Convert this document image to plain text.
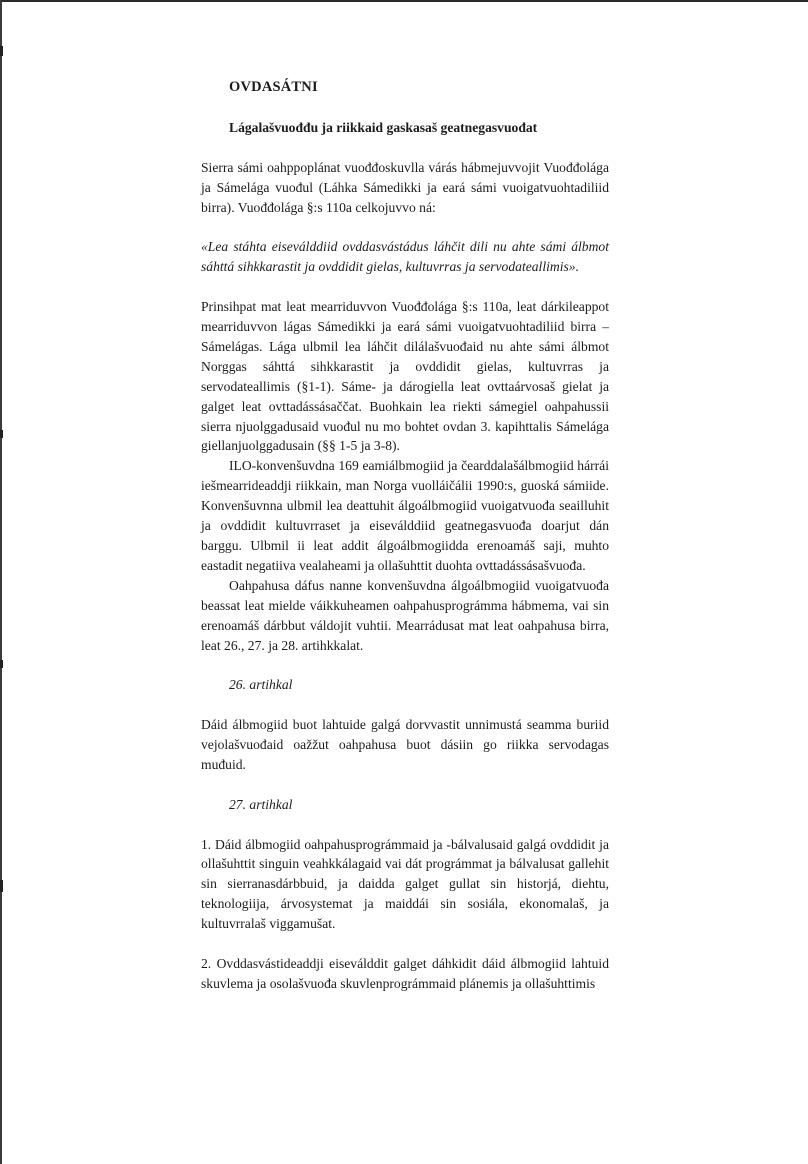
OVDASÁTNI
Lágalašvuođđu ja riikkaid gaskasaš geatnegasvuođat

Sierra sámi oahppoplánat vuođđoskuvlla várás hábmejuvvojit Vuođđolága ja Sámelága vuođul (Láhka Sámedikki ja eará sámi vuoigatvuohtadiliid birra). Vuođđolága §:s 110a celkojuvvo ná:

«Lea stáhta eiseválddiid ovddasvástádus láhčit dili nu ahte sámi álbmot sáhttá sihkkarastit ja ovddidit gielas, kultuvrras ja servodateallimis».

Prinsihpat mat leat mearriduvvon Vuođđolága §:s 110a, leat dárkileappot mearriduvvon lágas Sámedikki ja eará sámi vuoigatvuohtadiliid birra – Sámelágas. Lága ulbmil lea láhčit dilálašvuođaid nu ahte sámi álbmot Norggas sáhttá sihkkarastit ja ovddidit gielas, kultuvrras ja servodateallimis (§1-1). Sáme- ja dárogiella leat ovttaárvosaš gielat ja galget leat ovttadássásaččat. Buohkain lea riekti sámegiel oahpahussii sierra njuolggadusaid vuođul nu mo bohtet ovdan 3. kapihttalis Sámelága giellanjuolggadusain (§§ 1-5 ja 3-8).

ILO-konvenšuvdna 169 eamiálbmogiid ja čearddalašálbmogiid hárrái iešmearrideaddji riikkain, man Norga vuolláičálii 1990:s, guoská sámiide. Konvenšuvnna ulbmil lea deattuhit álgoálbmogiid vuoigatvuođa seailluhit ja ovddidit kultuvrraset ja eiseválddiid geatnegasvuođa doarjut dán barggu. Ulbmil ii leat addit álgoálbmogiidda erenoamáš saji, muhto eastadit negatiiva vealaheami ja ollašuhttit duohta ovttadássásašvuođa.

Oahpahusa dáfus nanne konvenšuvdna álgoálbmogiid vuoigatvuođa beassat leat mielde váikkuheamen oahpahusprográmma hábmema, vai sin erenoamáš dárbbut váldojit vuhtii. Mearrádusat mat leat oahpahusa birra, leat 26., 27. ja 28. artihkkalat.

26. artihkal

Dáid álbmogiid buot lahtuide galgá dorvvastit unnimustá seamma buriid vejolašvuođaid oažžut oahpahusa buot dásiin go riikka servodagas muđuid.

27. artihkal

1. Dáid álbmogiid oahpahusprográmmaid ja -bálvalusaid galgá ovddidit ja ollašuhttit singuin veahkkálagaid vai dát prográmmat ja bálvalusat gallehit sin sierranasdárbbuid, ja daidda galget gullat sin historjá, diehtu, teknologiija, árvosystemat ja maiddái sin sosiála, ekonomalaš, ja kultuvrralaš viggamušat.

2. Ovddasvástideaddji eiseválddit galget dáhkidit dáid álbmogiid lahtuid skuvlema ja osolašvuođa skuvlenprográmmaid plánemis ja ollašuhttimis
